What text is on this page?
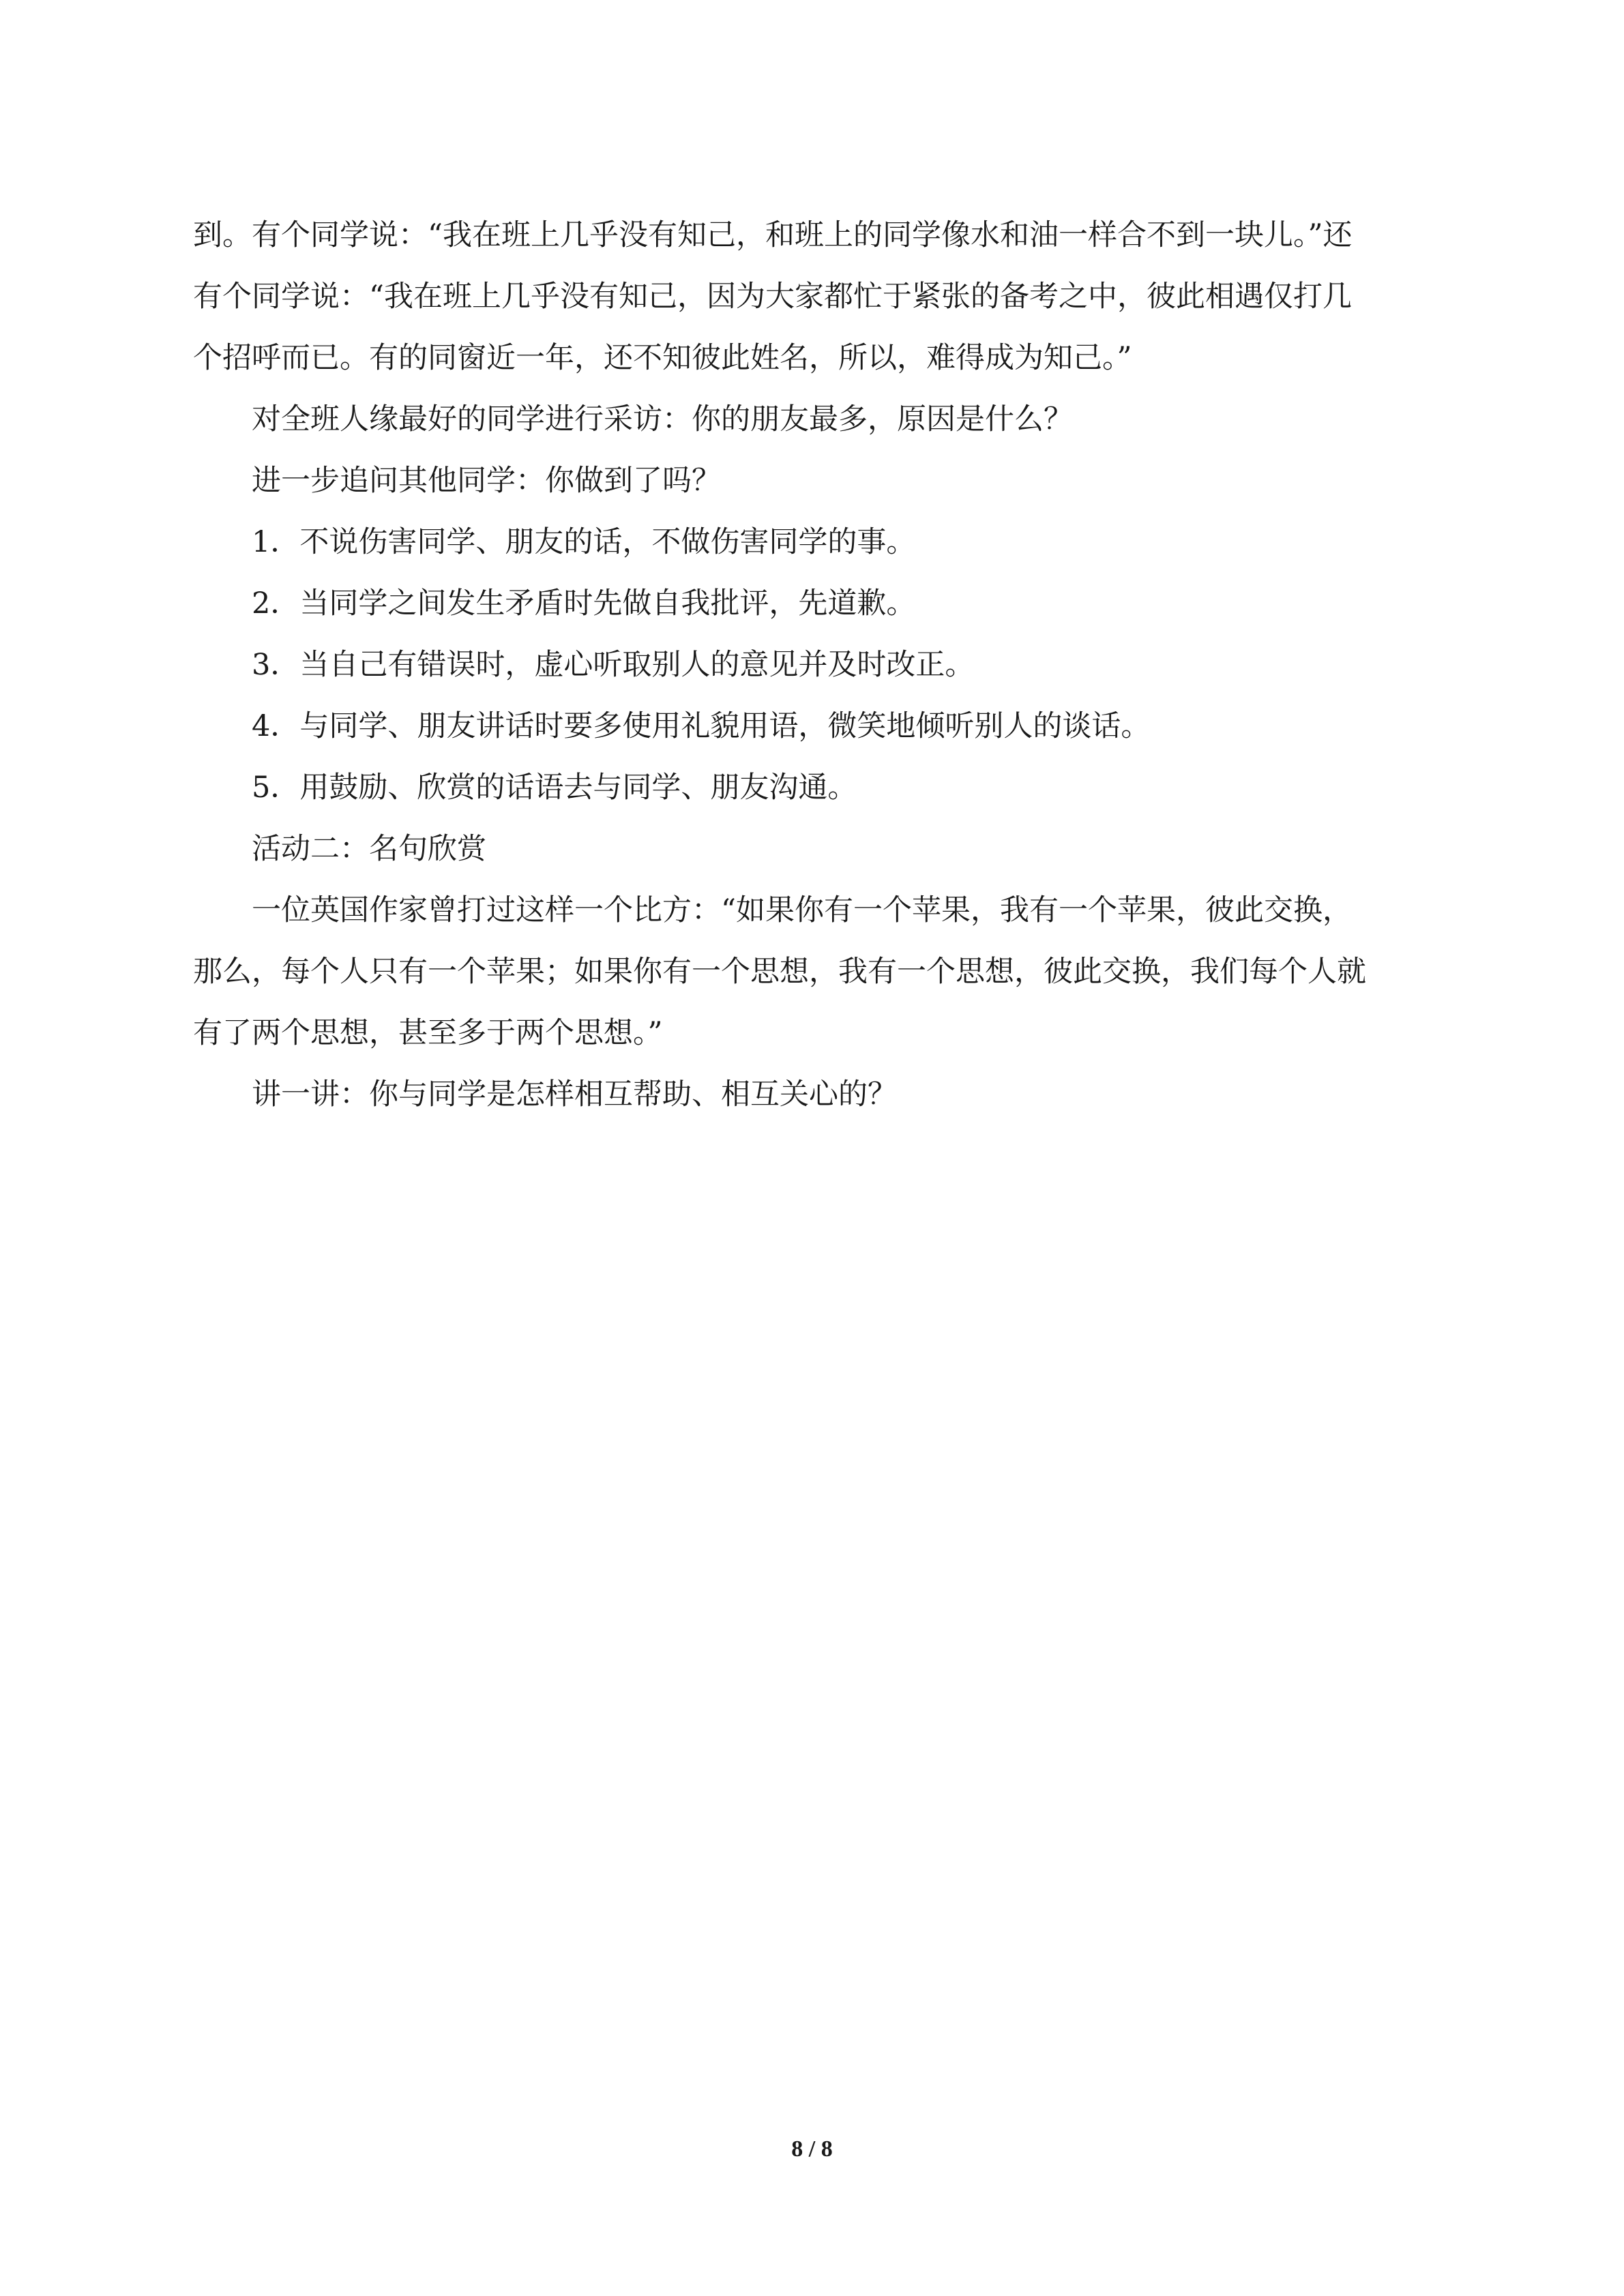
到。有个同学说：“我在班上几乎没有知己，和班上的同学像水和油一样合不到一块儿。”还
有个同学说：“我在班上几乎没有知己，因为大家都忙于紧张的备考之中，彼此相遇仅打几
个招呼而已。有的同窗近一年，还不知彼此姓名，所以，难得成为知己。”
对全班人缘最好的同学进行采访：你的朋友最多，原因是什么？
进一步追问其他同学：你做到了吗？
1．不说伤害同学、朋友的话，不做伤害同学的事。
2．当同学之间发生矛盾时先做自我批评，先道歉。
3．当自己有错误时，虚心听取别人的意见并及时改正。
4．与同学、朋友讲话时要多使用礼貌用语，微笑地倾听别人的谈话。
5．用鼓励、欣赏的话语去与同学、朋友沟通。
活动二：名句欣赏
一位英国作家曾打过这样一个比方：“如果你有一个苹果，我有一个苹果，彼此交换，
那么，每个人只有一个苹果；如果你有一个思想，我有一个思想，彼此交换，我们每个人就
有了两个思想，甚至多于两个思想。”
讲一讲：你与同学是怎样相互帮助、相互关心的？
8 / 8
